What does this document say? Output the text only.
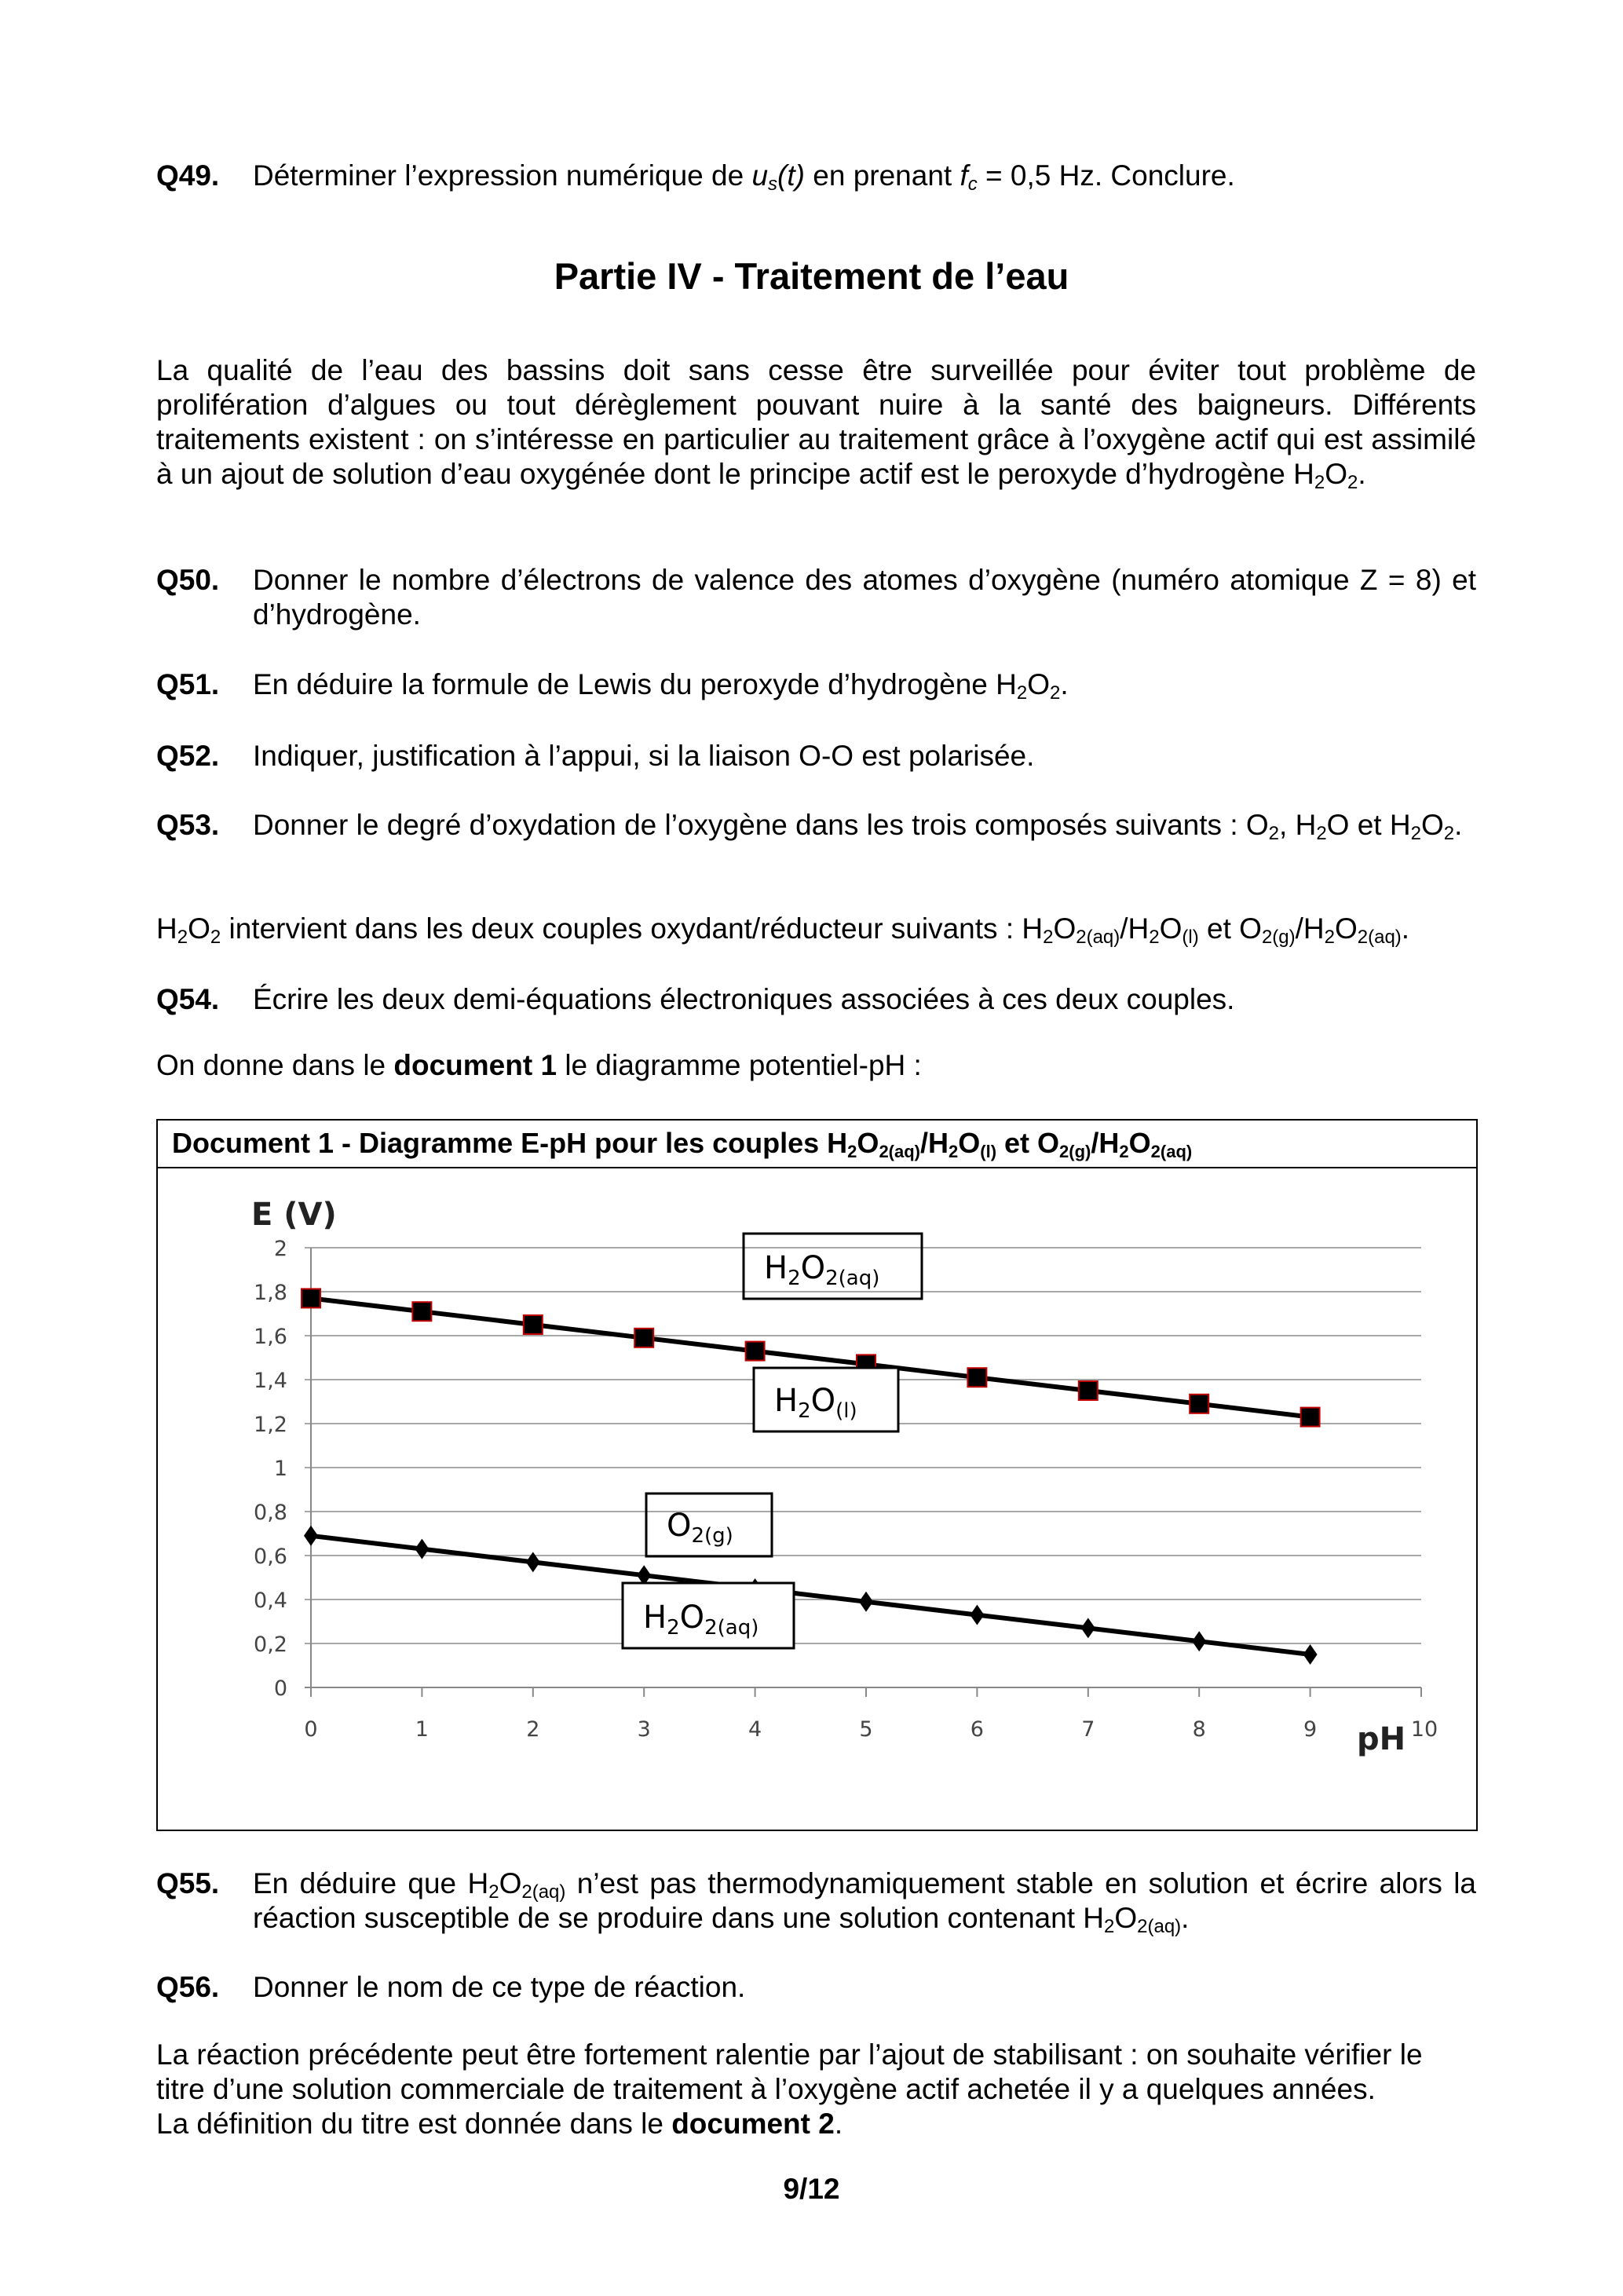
Q49. Déterminer l’expression numérique de $u_s(t)$ en prenant $f_c = 0,5$ Hz. Conclure.
Partie IV - Traitement de l’eau
La qualité de l’eau des bassins doit sans cesse être surveillée pour éviter tout problème de prolifération d’algues ou tout dérèglement pouvant nuire à la santé des baigneurs. Différents traitements existent : on s’intéresse en particulier au traitement grâce à l’oxygène actif qui est assimilé à un ajout de solution d’eau oxygénée dont le principe actif est le peroxyde d’hydrogène $H_2O_2$.
Q50. Donner le nombre d’électrons de valence des atomes d’oxygène (numéro atomique Z = 8) et d’hydrogène.
Q51. En déduire la formule de Lewis du peroxyde d’hydrogène $H_2O_2$.
Q52. Indiquer, justification à l’appui, si la liaison O-O est polarisée.
Q53. Donner le degré d’oxydation de l’oxygène dans les trois composés suivants : $O_2$, $H_2O$ et $H_2O_2$.
$H_2O_2$ intervient dans les deux couples oxydant/réducteur suivants : $H_2O_{2(aq)}/H_2O_{(l)}$ et $O_{2(g)}/H_2O_{2(aq)}$.
Q54. Écrire les deux demi-équations électroniques associées à ces deux couples.
On donne dans le document 1 le diagramme potentiel-pH :
Document 1 - Diagramme E-pH pour les couples $H_2O_{2(aq)}/H_2O_{(l)}$ et $O_{2(g)}/H_2O_{2(aq)}$
0
0,2
0,4
0,6
0,8
1
1,2
1,4
1,6
1,8
2
0	1	2	3	4	5	6	7	8	9	10
E (V)
pH
H2O2(aq)
H2O(l)
O2(g)
H2O2(aq)
Q55. En déduire que $H_2O_{2(aq)}$ n’est pas thermodynamiquement stable en solution et écrire alors la réaction susceptible de se produire dans une solution contenant $H_2O_{2(aq)}$.
Q56. Donner le nom de ce type de réaction.
La réaction précédente peut être fortement ralentie par l’ajout de stabilisant : on souhaite vérifier le titre d’une solution commerciale de traitement à l’oxygène actif achetée il y a quelques années.
La définition du titre est donnée dans le document 2.
9/12
